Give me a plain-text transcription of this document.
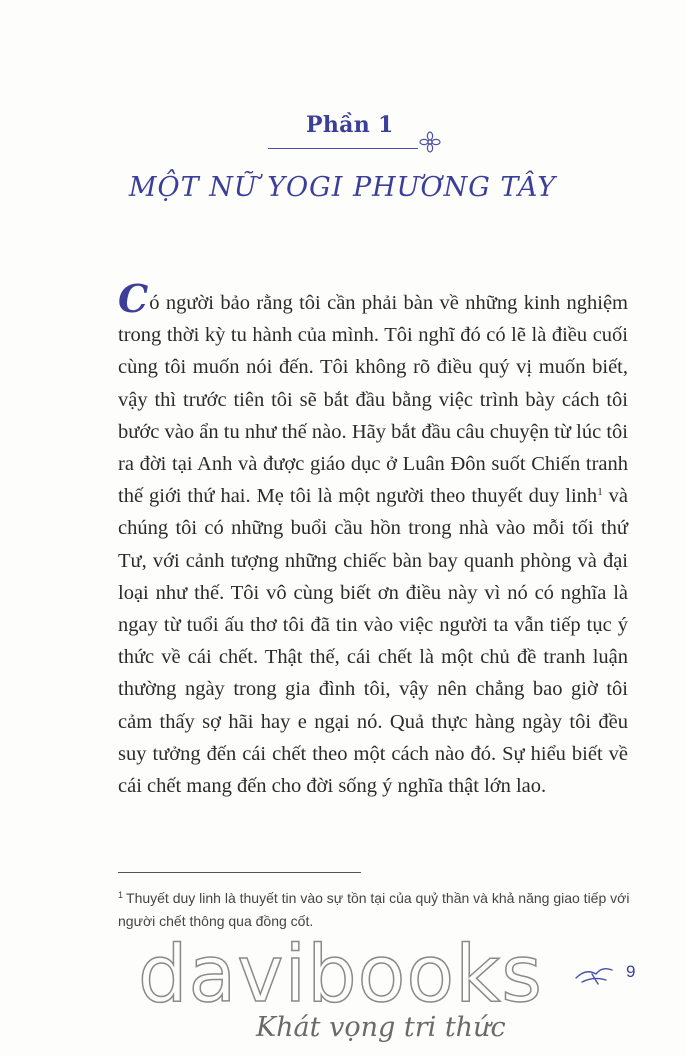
Phần 1
MỘT NỮ YOGI PHƯƠNG TÂY

Có người bảo rằng tôi cần phải bàn về những kinh nghiệm trong thời kỳ tu hành của mình. Tôi nghĩ đó có lẽ là điều cuối cùng tôi muốn nói đến. Tôi không rõ điều quý vị muốn biết, vậy thì trước tiên tôi sẽ bắt đầu bằng việc trình bày cách tôi bước vào ẩn tu như thế nào. Hãy bắt đầu câu chuyện từ lúc tôi ra đời tại Anh và được giáo dục ở Luân Đôn suốt Chiến tranh thế giới thứ hai. Mẹ tôi là một người theo thuyết duy linh$^1$ và chúng tôi có những buổi cầu hồn trong nhà vào mỗi tối thứ Tư, với cảnh tượng những chiếc bàn bay quanh phòng và đại loại như thế. Tôi vô cùng biết ơn điều này vì nó có nghĩa là ngay từ tuổi ấu thơ tôi đã tin vào việc người ta vẫn tiếp tục ý thức về cái chết. Thật thế, cái chết là một chủ đề tranh luận thường ngày trong gia đình tôi, vậy nên chẳng bao giờ tôi cảm thấy sợ hãi hay e ngại nó. Quả thực hàng ngày tôi đều suy tưởng đến cái chết theo một cách nào đó. Sự hiểu biết về cái chết mang đến cho đời sống ý nghĩa thật lớn lao.

$^1$ Thuyết duy linh là thuyết tin vào sự tồn tại của quỷ thần và khả năng giao tiếp với người chết thông qua đồng cốt.

davibooks
Khát vọng tri thức
9
